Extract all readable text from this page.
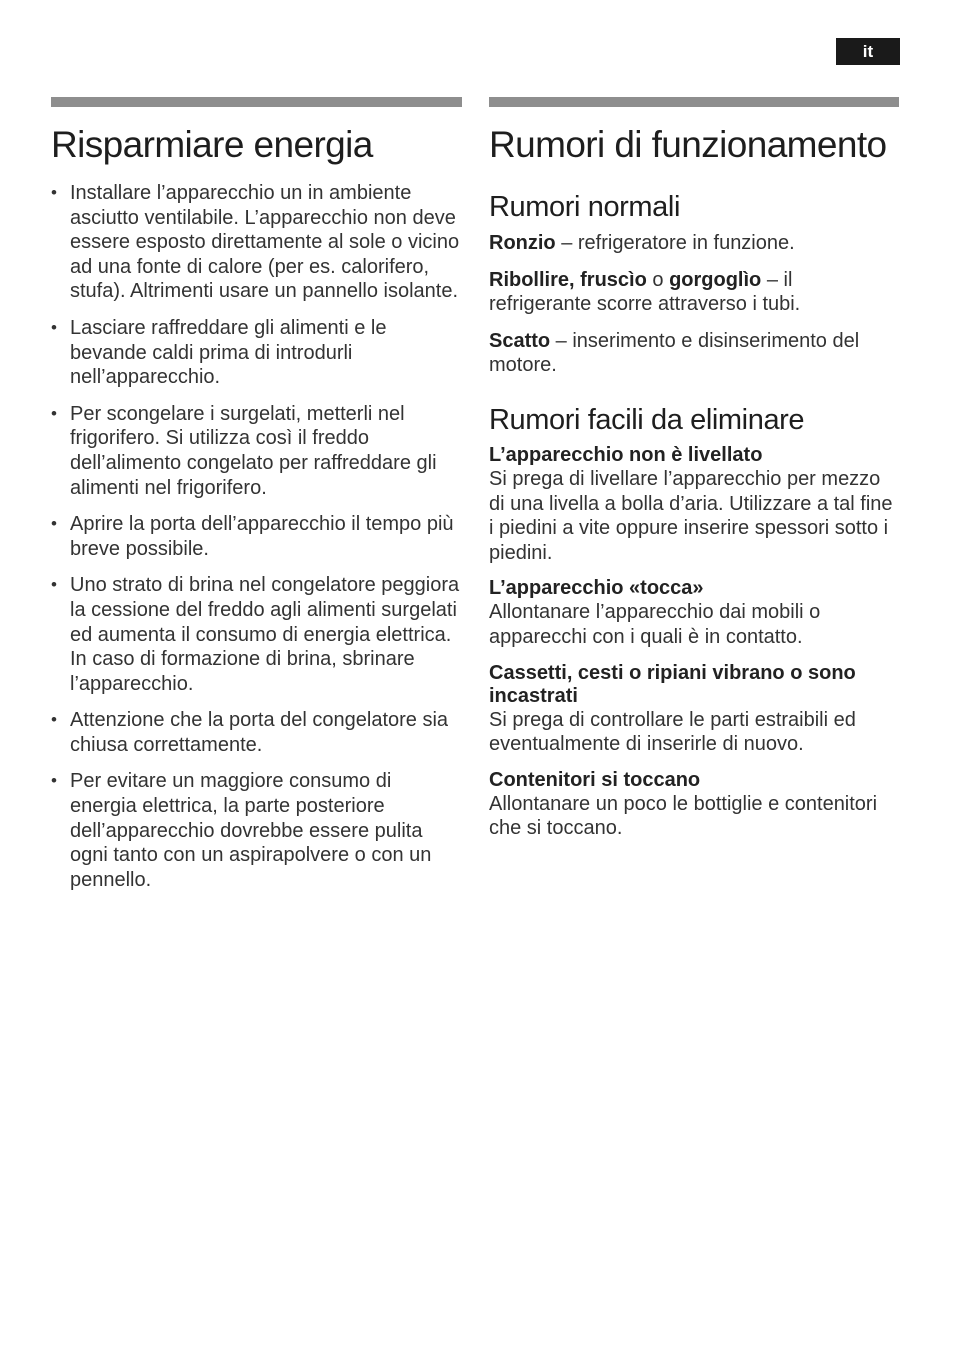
it
Risparmiare energia
• Installare l’apparecchio un in ambiente asciutto ventilabile. L’apparecchio non deve essere esposto direttamente al sole o vicino ad una fonte di calore (per es. calorifero, stufa). Altrimenti usare un pannello isolante.
• Lasciare raffreddare gli alimenti e le bevande caldi prima di introdurli nell’apparecchio.
• Per scongelare i surgelati, metterli nel frigorifero. Si utilizza così il freddo dell’alimento congelato per raffreddare gli alimenti nel frigorifero.
• Aprire la porta dell’apparecchio il tempo più breve possibile.
• Uno strato di brina nel congelatore peggiora la cessione del freddo agli alimenti surgelati ed aumenta il consumo di energia elettrica. In caso di formazione di brina, sbrinare l’apparecchio.
• Attenzione che la porta del congelatore sia chiusa correttamente.
• Per evitare un maggiore consumo di energia elettrica, la parte posteriore dell’apparecchio dovrebbe essere pulita ogni tanto con un aspirapolvere o con un pennello.
Rumori di funzionamento
Rumori normali

Ronzio – refrigeratore in funzione.

Ribollire, fruscìo o gorgoglìo – il refrigerante scorre attraverso i tubi.

Scatto – inserimento e disinserimento del motore.

Rumori facili da eliminare

L’apparecchio non è livellato

Si prega di livellare l’apparecchio per mezzo di una livella a bolla d’aria. Utilizzare a tal fine i piedini a vite oppure inserire spessori sotto i piedini.

L’apparecchio «tocca»

Allontanare l’apparecchio dai mobili o apparecchi con i quali è in contatto.

Cassetti, cesti o ripiani vibrano o sono incastrati

Si prega di controllare le parti estraibili ed eventualmente di inserirle di nuovo.

Contenitori si toccano

Allontanare un poco le bottiglie e contenitori che si toccano.
